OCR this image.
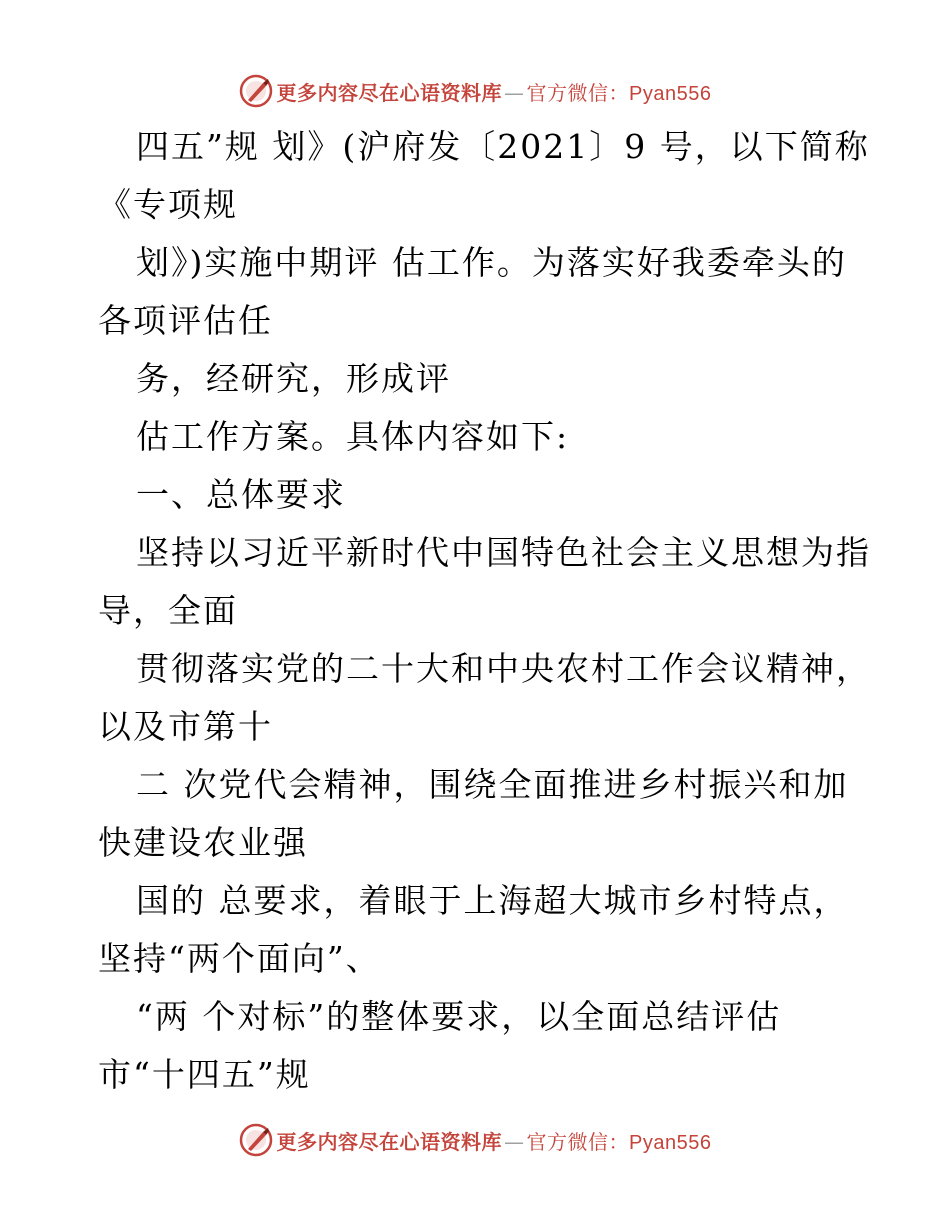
更多内容尽在心语资料库 — 官方微信：Pyan556
四五”规 划》(沪府发〔2021〕9 号，以下简称
《专项规
划》)实施中期评 估工作。为落实好我委牵头的
各项评估任
务，经研究，形成评
估工作方案。具体内容如下:
一、总体要求
坚持以习近平新时代中国特色社会主义思想为指
导，全面
贯彻落实党的二十大和中央农村工作会议精神，
以及市第十
二 次党代会精神，围绕全面推进乡村振兴和加
快建设农业强
国的 总要求，着眼于上海超大城市乡村特点，
坚持“两个面向”、
“两 个对标”的整体要求，以全面总结评估
市“十四五”规
更多内容尽在心语资料库 — 官方微信：Pyan556
